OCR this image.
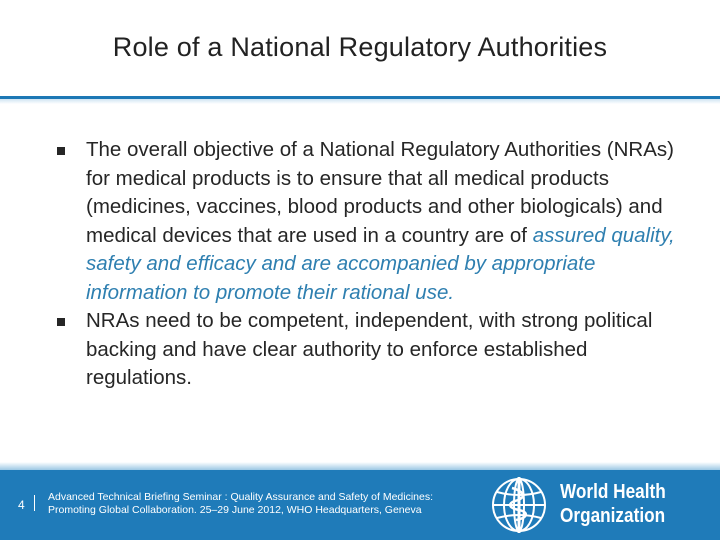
Role of a National Regulatory Authorities
The overall objective of a National Regulatory Authorities (NRAs) for medical products is to ensure that all medical products (medicines, vaccines, blood products and other biologicals) and medical devices that are used in a country are of assured quality, safety and efficacy and are accompanied by appropriate information to promote their rational use.
NRAs need to be competent, independent, with strong political backing and have clear authority to enforce established regulations.
4
Advanced Technical Briefing Seminar : Quality Assurance and Safety of Medicines: Promoting Global Collaboration. 25–29 June 2012, WHO Headquarters, Geneva
World Health
Organization
